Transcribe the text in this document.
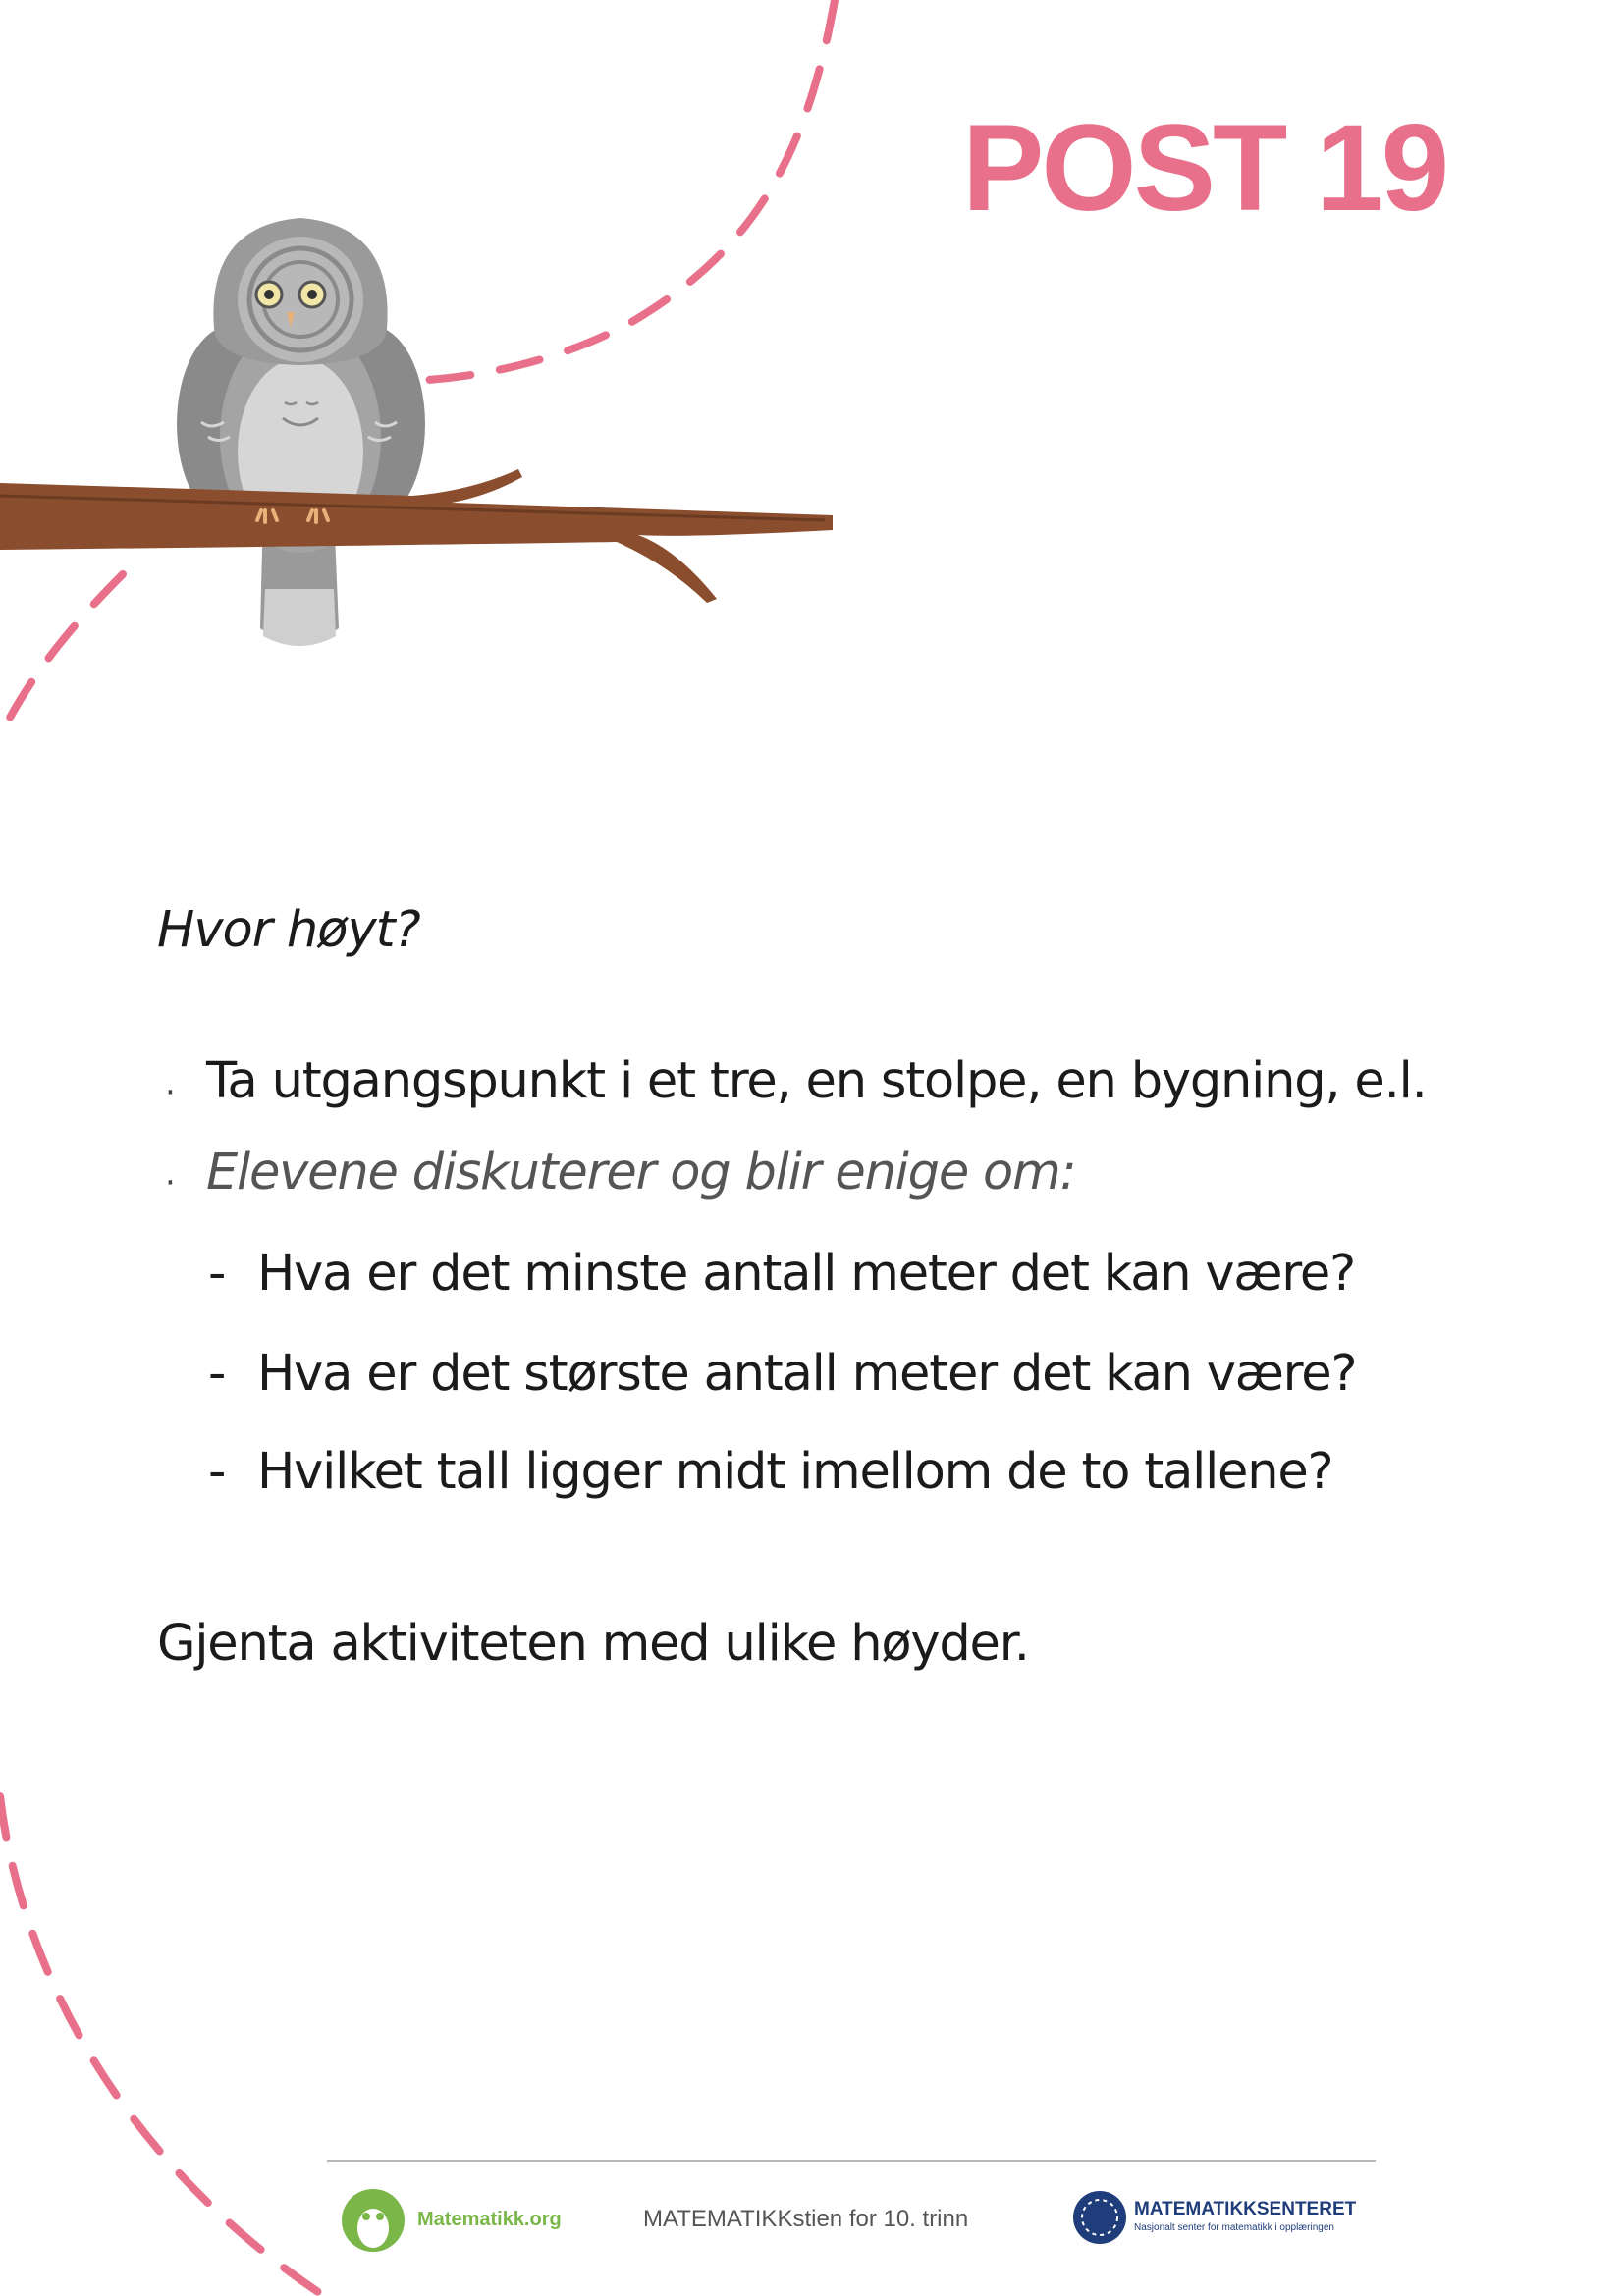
POST 19

Hvor høyt?

· Ta utgangspunkt i et tre, en stolpe, en bygning, e.l.
· Elevene diskuterer og blir enige om:
- Hva er det minste antall meter det kan være?
- Hva er det største antall meter det kan være?
- Hvilket tall ligger midt imellom de to tallene?
Gjenta aktiviteten med ulike høyder.
Matematikk.org	MATEMATIKKstien for 10. trinn	MATEMATIKKSENTERET
Nasjonalt senter for matematikk i opplæringen
